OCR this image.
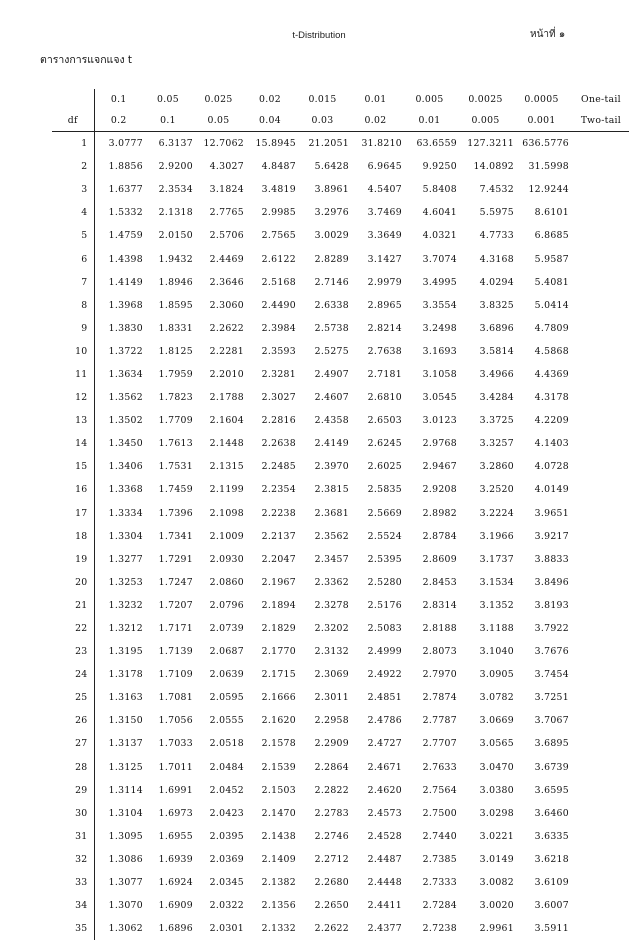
t-Distribution	หน้าที่ ๑
ตารางการแจกแจง t
	0.1	0.05	0.025	0.02	0.015	0.01	0.005	0.0025	0.0005	One-tail
df	0.2	0.1	0.05	0.04	0.03	0.02	0.01	0.005	0.001	Two-tail
1	3.0777	6.3137	12.7062	15.8945	21.2051	31.8210	63.6559	127.3211	636.5776	
2	1.8856	2.9200	4.3027	4.8487	5.6428	6.9645	9.9250	14.0892	31.5998	
3	1.6377	2.3534	3.1824	3.4819	3.8961	4.5407	5.8408	7.4532	12.9244	
4	1.5332	2.1318	2.7765	2.9985	3.2976	3.7469	4.6041	5.5975	8.6101	
5	1.4759	2.0150	2.5706	2.7565	3.0029	3.3649	4.0321	4.7733	6.8685	
6	1.4398	1.9432	2.4469	2.6122	2.8289	3.1427	3.7074	4.3168	5.9587	
7	1.4149	1.8946	2.3646	2.5168	2.7146	2.9979	3.4995	4.0294	5.4081	
8	1.3968	1.8595	2.3060	2.4490	2.6338	2.8965	3.3554	3.8325	5.0414	
9	1.3830	1.8331	2.2622	2.3984	2.5738	2.8214	3.2498	3.6896	4.7809	
10	1.3722	1.8125	2.2281	2.3593	2.5275	2.7638	3.1693	3.5814	4.5868	
11	1.3634	1.7959	2.2010	2.3281	2.4907	2.7181	3.1058	3.4966	4.4369	
12	1.3562	1.7823	2.1788	2.3027	2.4607	2.6810	3.0545	3.4284	4.3178	
13	1.3502	1.7709	2.1604	2.2816	2.4358	2.6503	3.0123	3.3725	4.2209	
14	1.3450	1.7613	2.1448	2.2638	2.4149	2.6245	2.9768	3.3257	4.1403	
15	1.3406	1.7531	2.1315	2.2485	2.3970	2.6025	2.9467	3.2860	4.0728	
16	1.3368	1.7459	2.1199	2.2354	2.3815	2.5835	2.9208	3.2520	4.0149	
17	1.3334	1.7396	2.1098	2.2238	2.3681	2.5669	2.8982	3.2224	3.9651	
18	1.3304	1.7341	2.1009	2.2137	2.3562	2.5524	2.8784	3.1966	3.9217	
19	1.3277	1.7291	2.0930	2.2047	2.3457	2.5395	2.8609	3.1737	3.8833	
20	1.3253	1.7247	2.0860	2.1967	2.3362	2.5280	2.8453	3.1534	3.8496	
21	1.3232	1.7207	2.0796	2.1894	2.3278	2.5176	2.8314	3.1352	3.8193	
22	1.3212	1.7171	2.0739	2.1829	2.3202	2.5083	2.8188	3.1188	3.7922	
23	1.3195	1.7139	2.0687	2.1770	2.3132	2.4999	2.8073	3.1040	3.7676	
24	1.3178	1.7109	2.0639	2.1715	2.3069	2.4922	2.7970	3.0905	3.7454	
25	1.3163	1.7081	2.0595	2.1666	2.3011	2.4851	2.7874	3.0782	3.7251	
26	1.3150	1.7056	2.0555	2.1620	2.2958	2.4786	2.7787	3.0669	3.7067	
27	1.3137	1.7033	2.0518	2.1578	2.2909	2.4727	2.7707	3.0565	3.6895	
28	1.3125	1.7011	2.0484	2.1539	2.2864	2.4671	2.7633	3.0470	3.6739	
29	1.3114	1.6991	2.0452	2.1503	2.2822	2.4620	2.7564	3.0380	3.6595	
30	1.3104	1.6973	2.0423	2.1470	2.2783	2.4573	2.7500	3.0298	3.6460	
31	1.3095	1.6955	2.0395	2.1438	2.2746	2.4528	2.7440	3.0221	3.6335	
32	1.3086	1.6939	2.0369	2.1409	2.2712	2.4487	2.7385	3.0149	3.6218	
33	1.3077	1.6924	2.0345	2.1382	2.2680	2.4448	2.7333	3.0082	3.6109	
34	1.3070	1.6909	2.0322	2.1356	2.2650	2.4411	2.7284	3.0020	3.6007	
35	1.3062	1.6896	2.0301	2.1332	2.2622	2.4377	2.7238	2.9961	3.5911	
